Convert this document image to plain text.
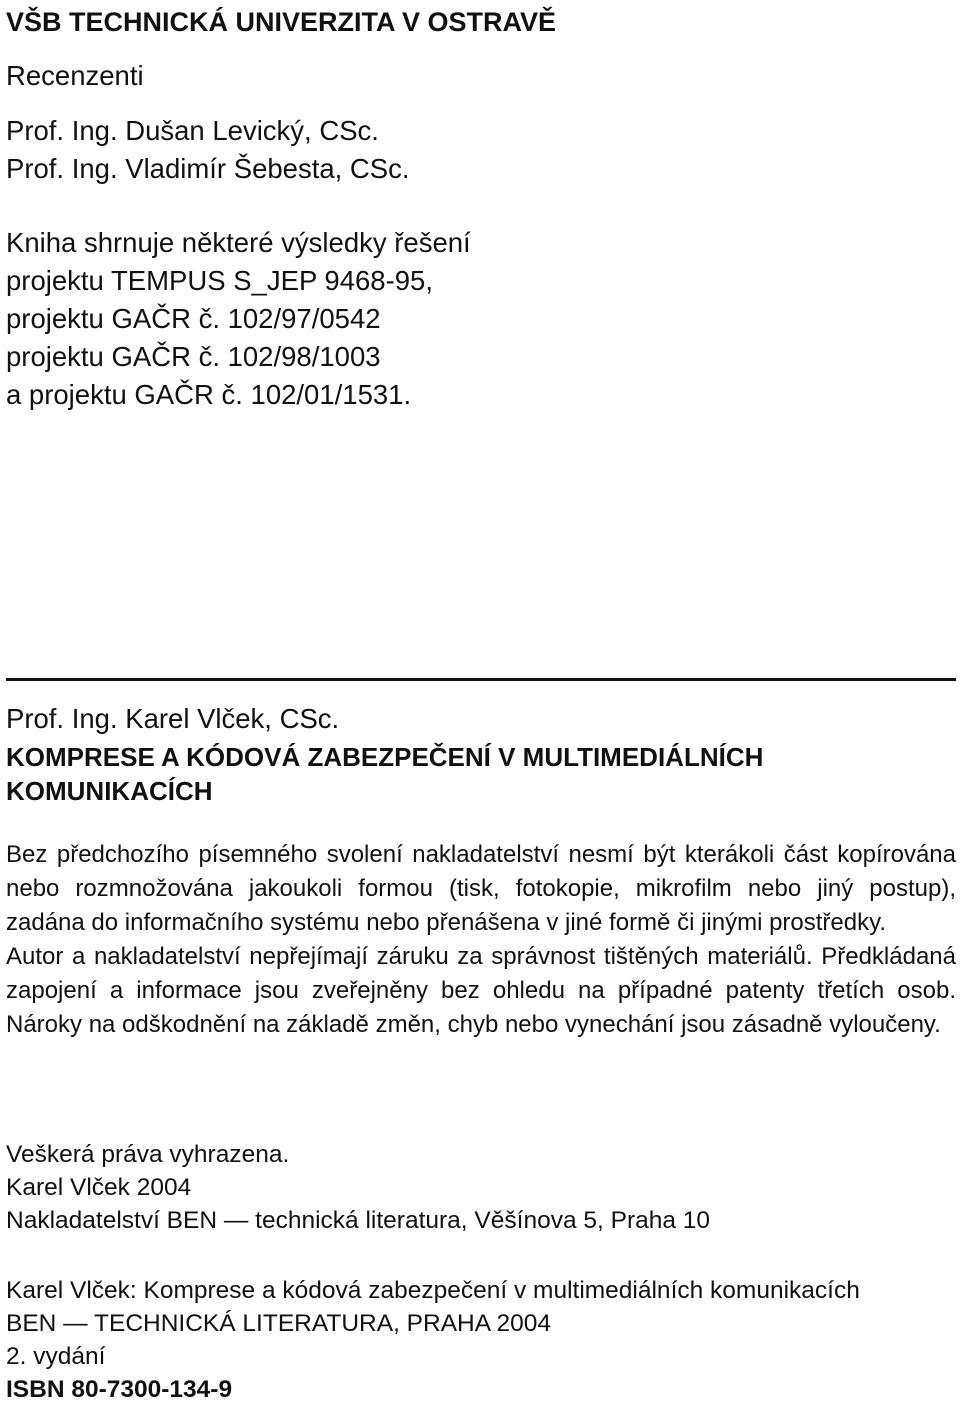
VŠB TECHNICKÁ UNIVERZITA V OSTRAVĚ

Recenzenti

Prof. Ing. Dušan Levický, CSc.

Prof. Ing. Vladimír Šebesta, CSc.

Kniha shrnuje některé výsledky řešení

projektu TEMPUS S_JEP 9468-95,

projektu GAČR č. 102/97/0542

projektu GAČR č. 102/98/1003

a projektu GAČR č. 102/01/1531.

Prof. Ing. Karel Vlček, CSc.

KOMPRESE A KÓDOVÁ ZABEZPEČENÍ V MULTIMEDIÁLNÍCH

KOMUNIKACÍCH

Bez předchozího písemného svolení nakladatelství nesmí být kterákoli část kopírována nebo rozmnožována jakoukoli formou (tisk, fotokopie, mikrofilm nebo jiný postup), zadána do informačního systému nebo přenášena v jiné formě či jinými prostředky.

Autor a nakladatelství nepřejímají záruku za správnost tištěných materiálů. Předkládaná zapojení a informace jsou zveřejněny bez ohledu na případné patenty třetích osob. Nároky na odškodnění na základě změn, chyb nebo vynechání jsou zásadně vyloučeny.

Veškerá práva vyhrazena.

Karel Vlček 2004

Nakladatelství BEN — technická literatura, Věšínova 5, Praha 10

Karel Vlček: Komprese a kódová zabezpečení v multimediálních komunikacích

BEN — TECHNICKÁ LITERATURA, PRAHA 2004

2. vydání

ISBN 80-7300-134-9
